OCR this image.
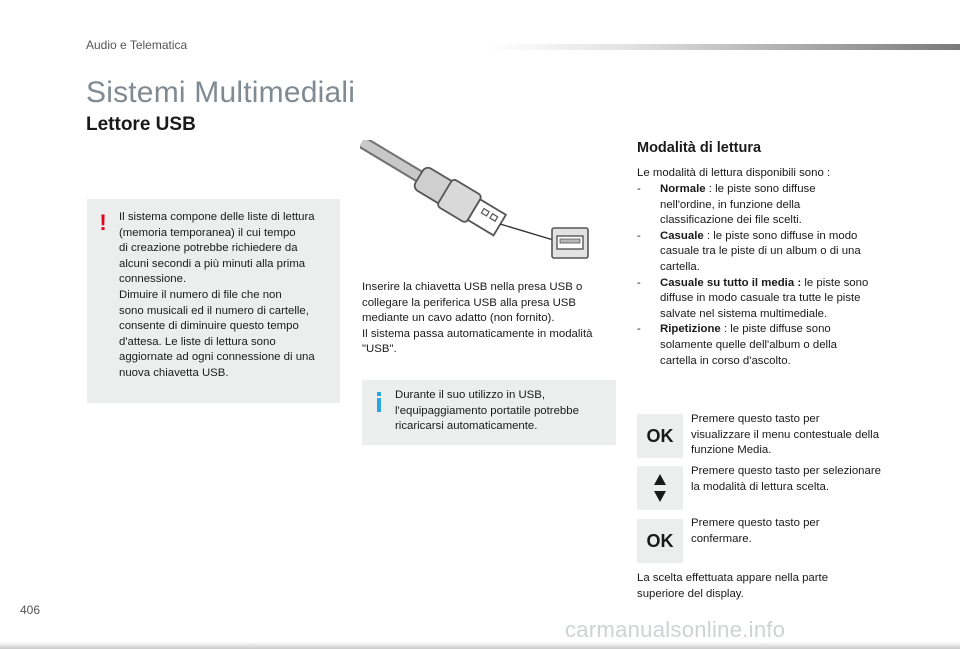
Audio e Telematica
Sistemi Multimediali
Lettore USB
! Il sistema compone delle liste di lettura
(memoria temporanea) il cui tempo
di creazione potrebbe richiedere da
alcuni secondi a più minuti alla prima
connessione.
Dimuire il numero di file che non
sono musicali ed il numero di cartelle,
consente di diminuire questo tempo
d'attesa. Le liste di lettura sono
aggiornate ad ogni connessione di una
nuova chiavetta USB.
Inserire la chiavetta USB nella presa USB o
collegare la periferica USB alla presa USB
mediante un cavo adatto (non fornito).
Il sistema passa automaticamente in modalità
"USB".
Durante il suo utilizzo in USB,
l'equipaggiamento portatile potrebbe
ricaricarsi automaticamente.
Modalità di lettura
Le modalità di lettura disponibili sono :
- Normale : le piste sono diffuse
nell'ordine, in funzione della
classificazione dei file scelti.
- Casuale : le piste sono diffuse in modo
casuale tra le piste di un album o di una
cartella.
- Casuale su tutto il media : le piste sono
diffuse in modo casuale tra tutte le piste
salvate nel sistema multimediale.
- Ripetizione : le piste diffuse sono
solamente quelle dell'album o della
cartella in corso d'ascolto.
OK
Premere questo tasto per
visualizzare il menu contestuale della
funzione Media.
Premere questo tasto per selezionare
la modalità di lettura scelta.
OK
Premere questo tasto per
confermare.
La scelta effettuata appare nella parte
superiore del display.
406
carmanualsonline.info
